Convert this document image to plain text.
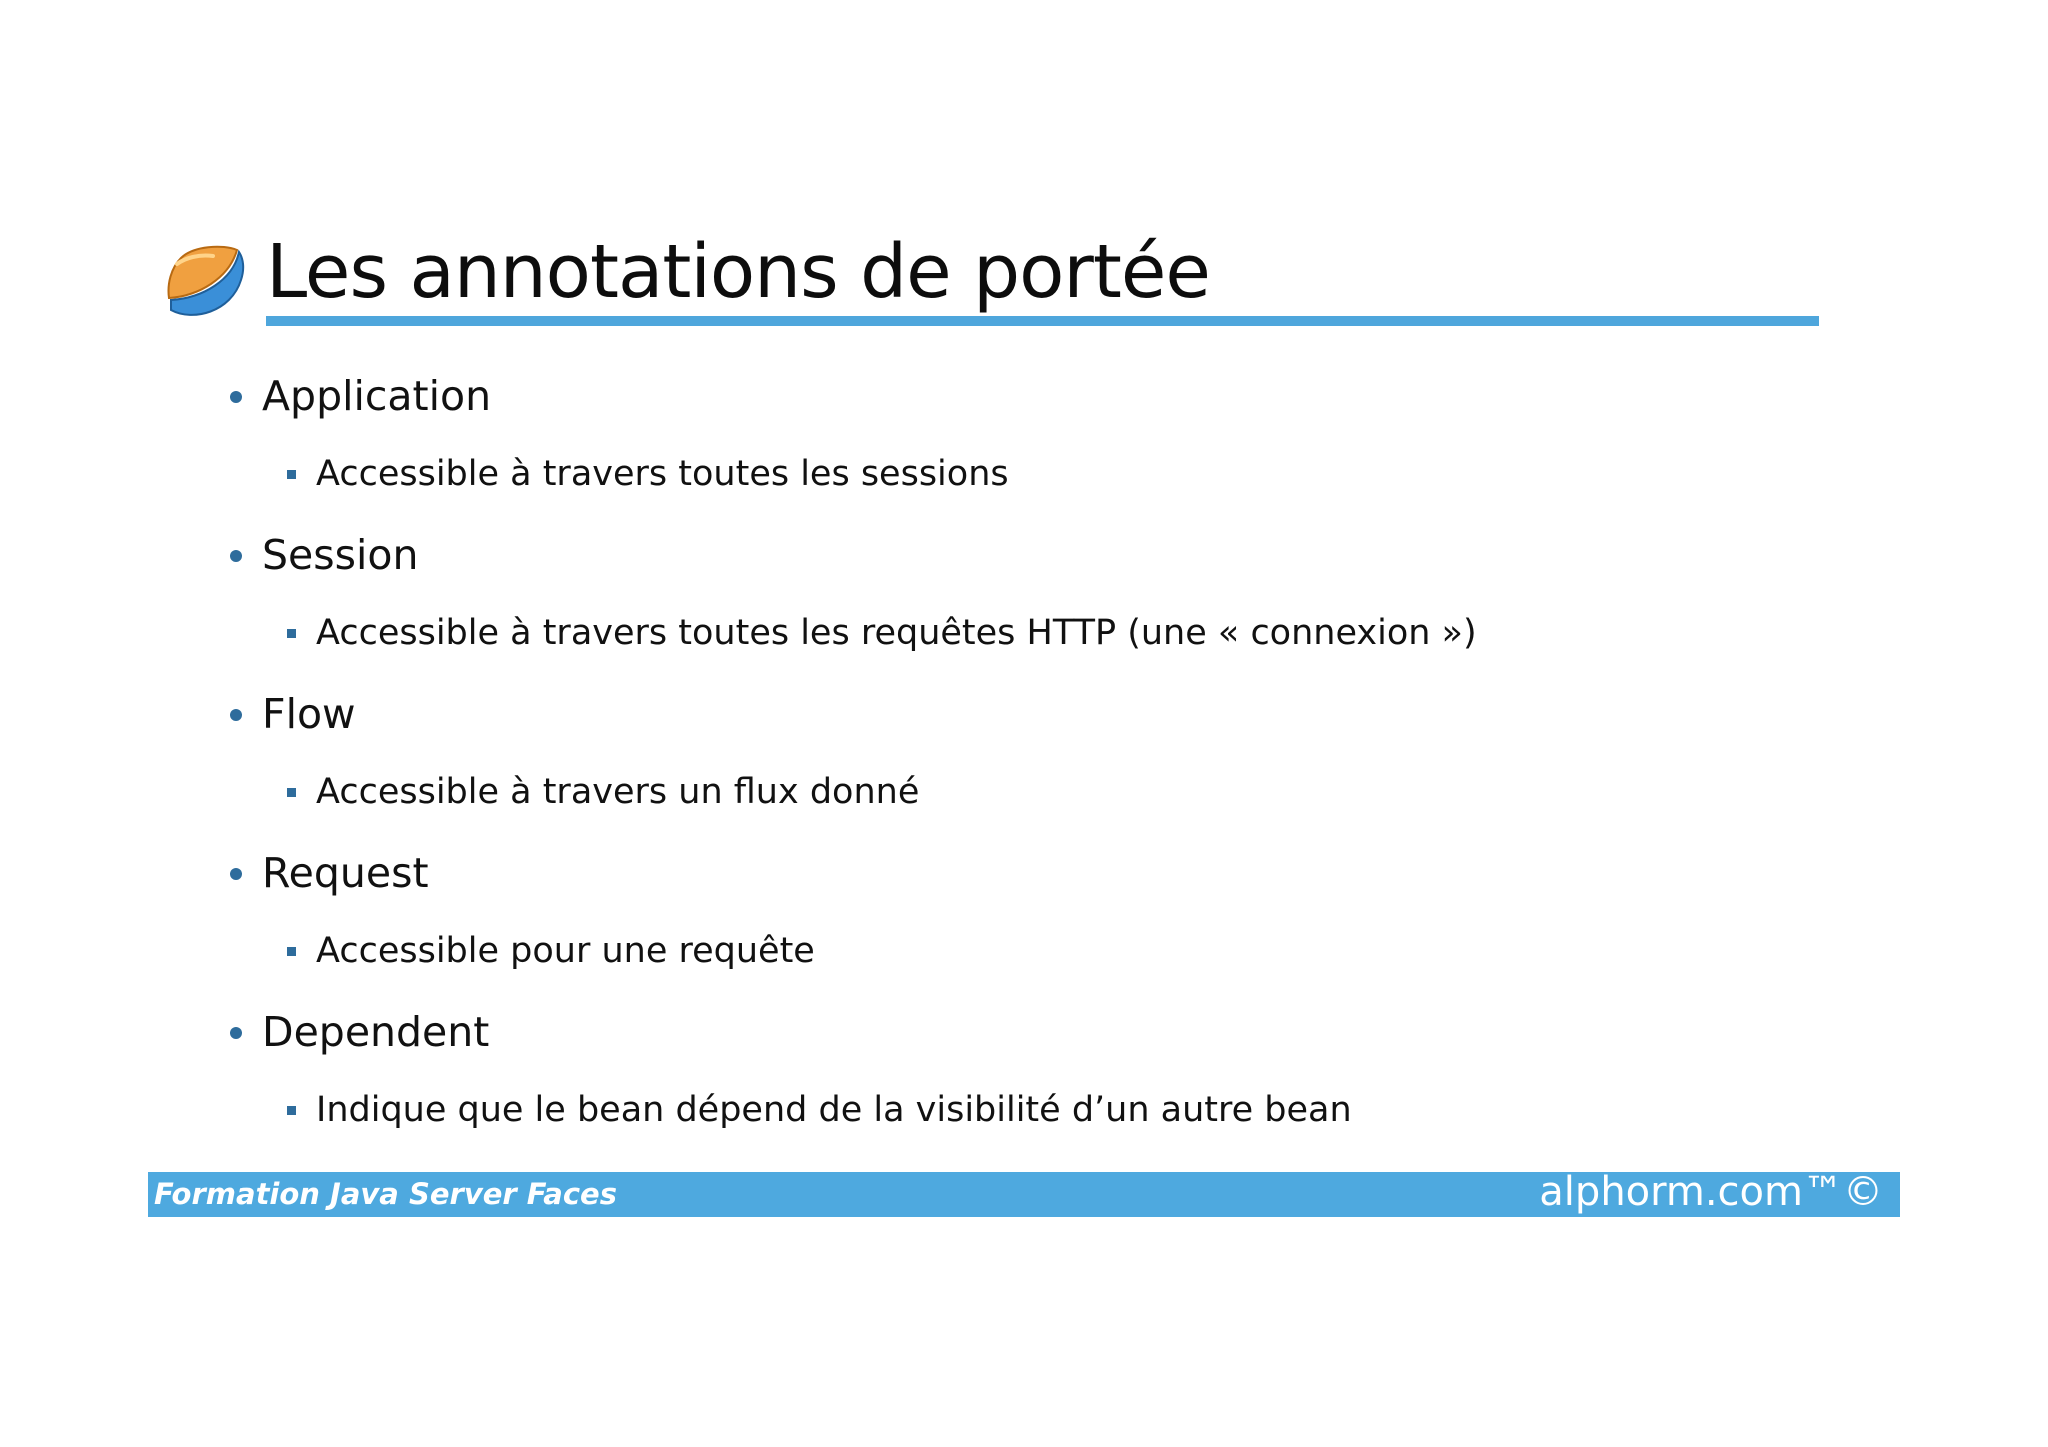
Les annotations de portée
Application
Accessible à travers toutes les sessions
Session
Accessible à travers toutes les requêtes HTTP (une « connexion »)
Flow
Accessible à travers un flux donné
Request
Accessible pour une requête
Dependent
Indique que le bean dépend de la visibilité d’un autre bean
Formation Java Server Faces	alphorm.com™©
